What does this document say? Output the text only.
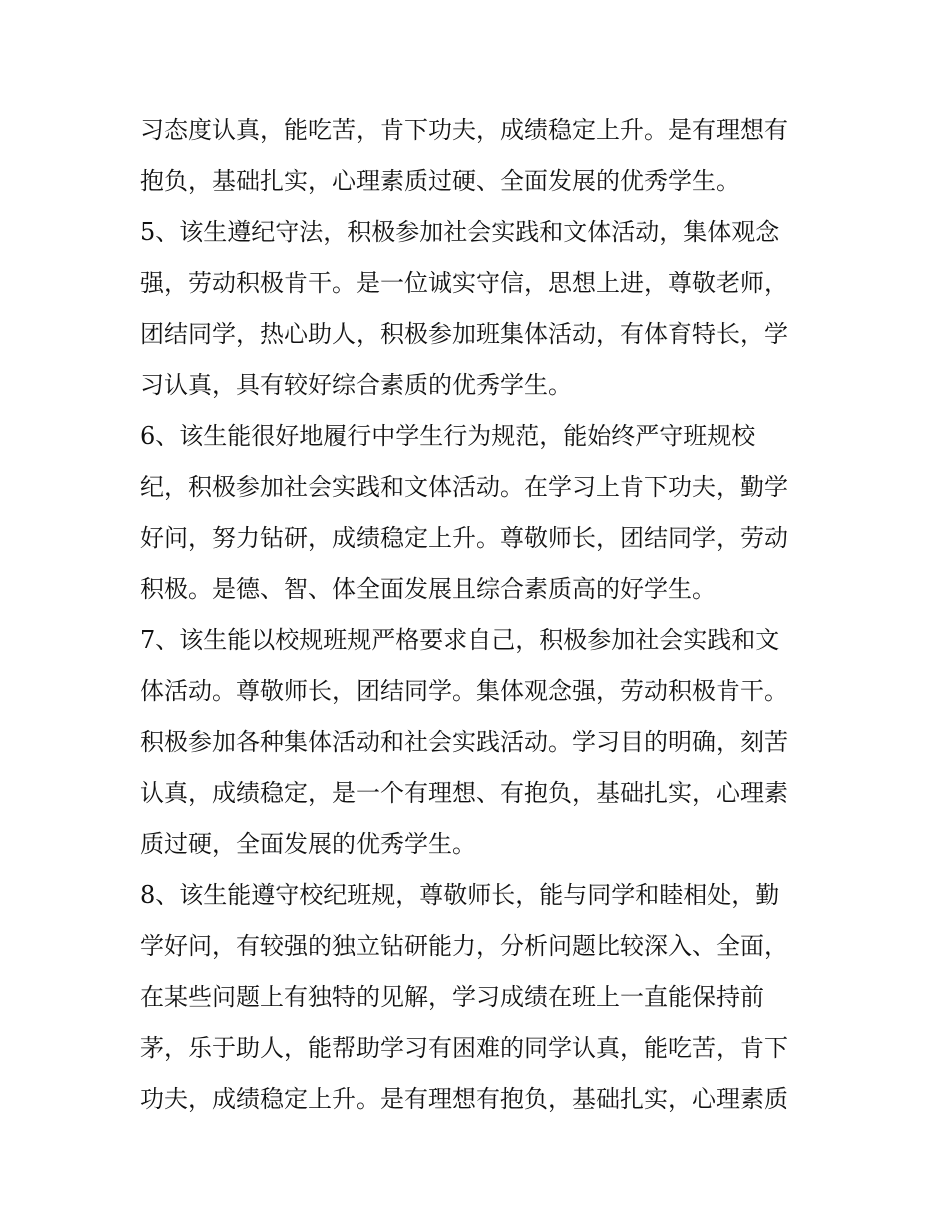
习态度认真，能吃苦，肯下功夫，成绩稳定上升。是有理想有
抱负，基础扎实，心理素质过硬、全面发展的优秀学生。
5、该生遵纪守法，积极参加社会实践和文体活动，集体观念
强，劳动积极肯干。是一位诚实守信，思想上进，尊敬老师，
团结同学，热心助人，积极参加班集体活动，有体育特长，学
习认真，具有较好综合素质的优秀学生。
6、该生能很好地履行中学生行为规范，能始终严守班规校
纪，积极参加社会实践和文体活动。在学习上肯下功夫，勤学
好问，努力钻研，成绩稳定上升。尊敬师长，团结同学，劳动
积极。是德、智、体全面发展且综合素质高的好学生。
7、该生能以校规班规严格要求自己，积极参加社会实践和文
体活动。尊敬师长，团结同学。集体观念强，劳动积极肯干。
积极参加各种集体活动和社会实践活动。学习目的明确，刻苦
认真，成绩稳定，是一个有理想、有抱负，基础扎实，心理素
质过硬，全面发展的优秀学生。
8、该生能遵守校纪班规，尊敬师长，能与同学和睦相处，勤
学好问，有较强的独立钻研能力，分析问题比较深入、全面，
在某些问题上有独特的见解，学习成绩在班上一直能保持前
茅，乐于助人，能帮助学习有困难的同学认真，能吃苦，肯下
功夫，成绩稳定上升。是有理想有抱负，基础扎实，心理素质
